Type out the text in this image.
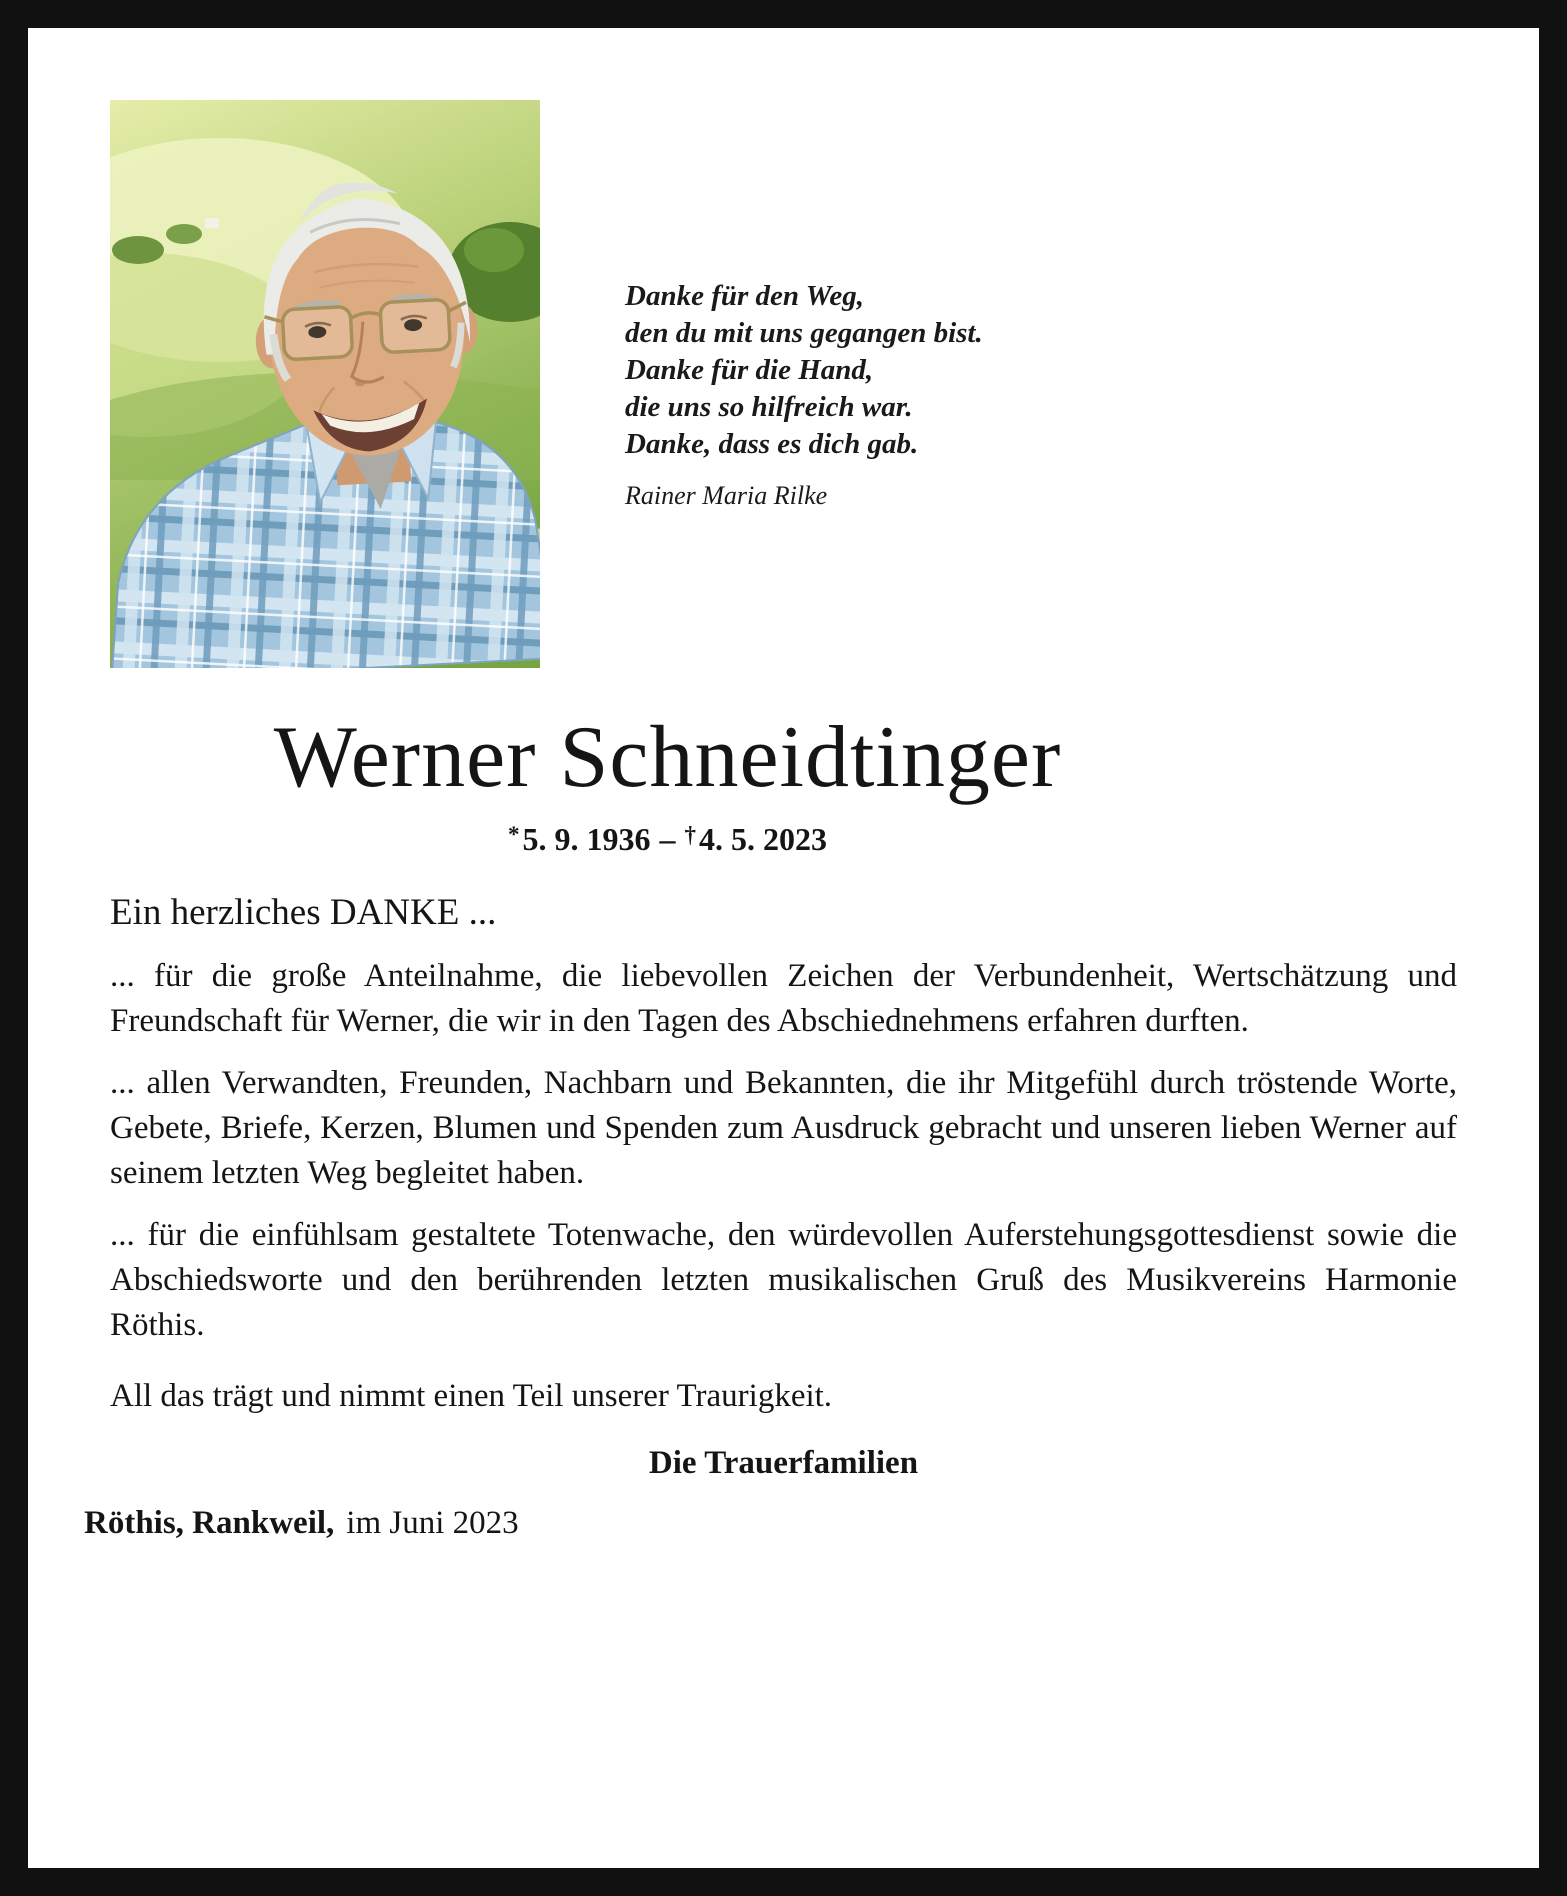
Danke für den Weg,
den du mit uns gegangen bist.
Danke für die Hand,
die uns so hilfreich war.
Danke, dass es dich gab.
Rainer Maria Rilke
Werner Schneidtinger
*5. 9. 1936 – †4. 5. 2023
Ein herzliches DANKE ...

... für die große Anteilnahme, die liebevollen Zeichen der Verbundenheit, Wertschätzung und Freundschaft für Werner, die wir in den Tagen des Abschiednehmens erfahren durften.

... allen Verwandten, Freunden, Nachbarn und Bekannten, die ihr Mitgefühl durch tröstende Worte, Gebete, Briefe, Kerzen, Blumen und Spenden zum Ausdruck gebracht und unseren lieben Werner auf seinem letzten Weg begleitet haben.

... für die einfühlsam gestaltete Totenwache, den würdevollen Auferstehungsgottesdienst sowie die Abschiedsworte und den berührenden letzten musikalischen Gruß des Musikvereins Harmonie Röthis.

All das trägt und nimmt einen Teil unserer Traurigkeit.

Die Trauerfamilien
Röthis, Rankweil, im Juni 2023
